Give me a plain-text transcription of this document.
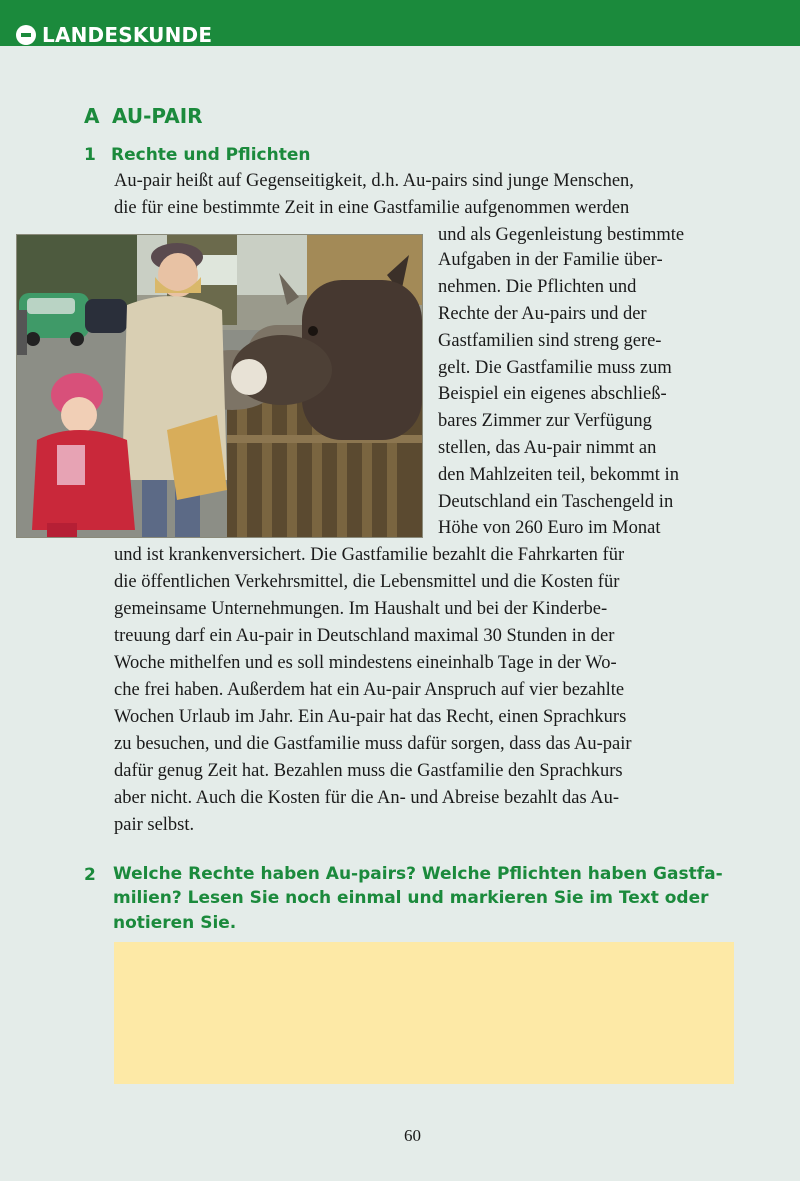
LANDESKUNDE
A AU-PAIR
1 Rechte und Pflichten
Au-pair heißt auf Gegenseitigkeit, d.h. Au-pairs sind junge Menschen,
die für eine bestimmte Zeit in eine Gastfamilie aufgenommen werden
und als Gegenleistung bestimmte
Aufgaben in der Familie über-
nehmen. Die Pflichten und
Rechte der Au-pairs und der
Gastfamilien sind streng gere-
gelt. Die Gastfamilie muss zum
Beispiel ein eigenes abschließ-
bares Zimmer zur Verfügung
stellen, das Au-pair nimmt an
den Mahlzeiten teil, bekommt in
Deutschland ein Taschengeld in
Höhe von 260 Euro im Monat
und ist krankenversichert. Die Gastfamilie bezahlt die Fahrkarten für
die öffentlichen Verkehrsmittel, die Lebensmittel und die Kosten für
gemeinsame Unternehmungen. Im Haushalt und bei der Kinderbe-
treuung darf ein Au-pair in Deutschland maximal 30 Stunden in der
Woche mithelfen und es soll mindestens eineinhalb Tage in der Wo-
che frei haben. Außerdem hat ein Au-pair Anspruch auf vier bezahlte
Wochen Urlaub im Jahr. Ein Au-pair hat das Recht, einen Sprachkurs
zu besuchen, und die Gastfamilie muss dafür sorgen, dass das Au-pair
dafür genug Zeit hat. Bezahlen muss die Gastfamilie den Sprachkurs
aber nicht. Auch die Kosten für die An- und Abreise bezahlt das Au-
pair selbst.
2 Welche Rechte haben Au-pairs? Welche Pflichten haben Gastfa-
milien? Lesen Sie noch einmal und markieren Sie im Text oder
notieren Sie.
60
